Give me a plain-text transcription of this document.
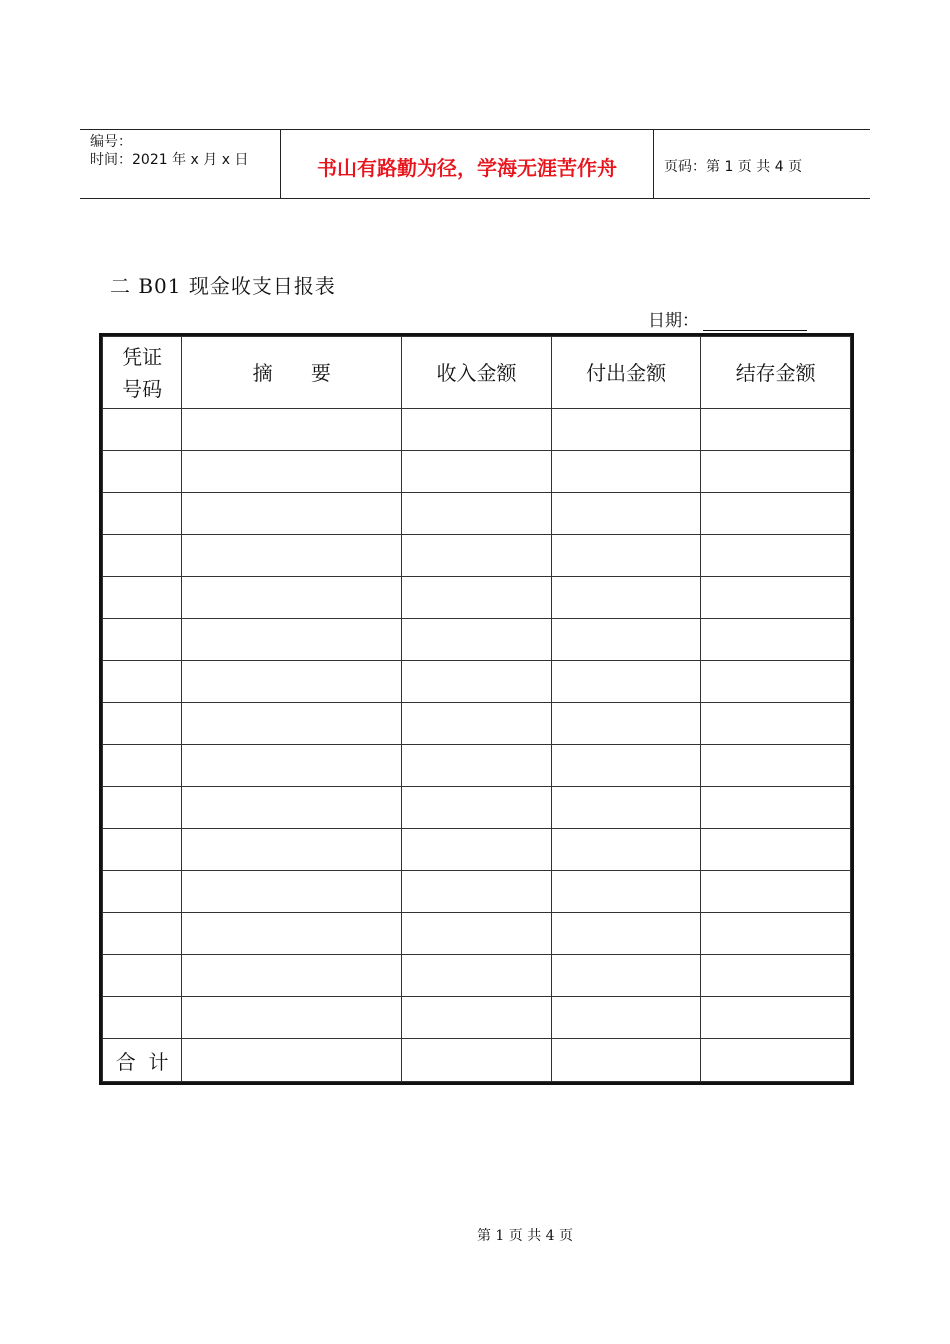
编号：
时间：2021 年 x 月 x 日	书山有路勤为径，学海无涯苦作舟	页码：第 1 页 共 4 页
二 B01 现金收支日报表
日期：
凭证
号码	摘      要	收入金额	付出金额	结存金额

合  计				
第 1 页 共 4 页
